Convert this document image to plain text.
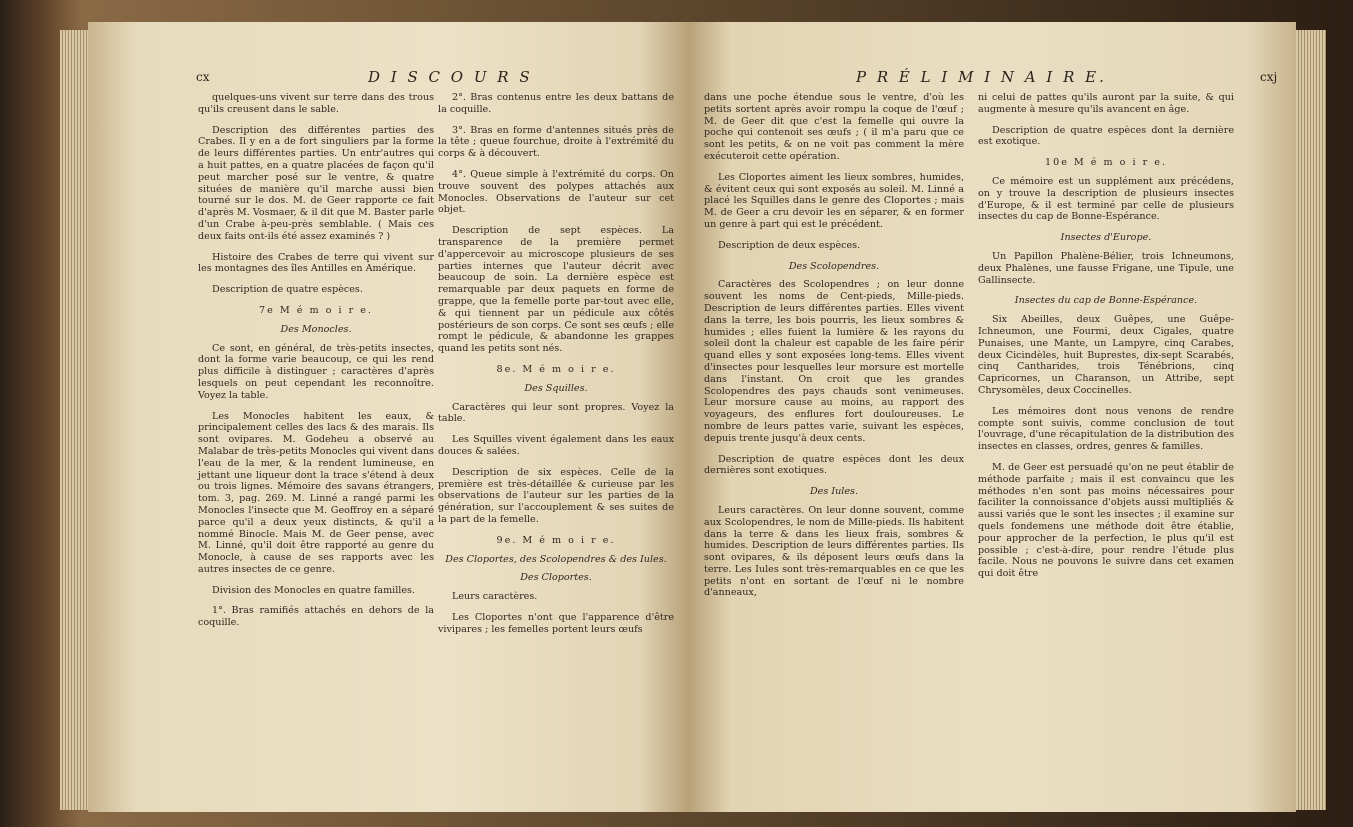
cx	D I S C O U R S

quelques-uns vivent sur terre dans des trous qu'ils creusent dans le sable.

Description des différentes parties des Crabes. Il y en a de fort singuliers par la forme de leurs différentes parties. Un entr'autres qui a huit pattes, en a quatre placées de façon qu'il peut marcher posé sur le ventre, & quatre situées de manière qu'il marche aussi bien tourné sur le dos. M. de Geer rapporte ce fait d'après M. Vosmaer, & il dit que M. Baster parle d'un Crabe à-peu-près semblable. ( Mais ces deux faits ont-ils été assez examinés ? )

Histoire des Crabes de terre qui vivent sur les montagnes des îles Antilles en Amérique.

Description de quatre espèces.

7e M é m o i r e.

Des Monocles.

Ce sont, en général, de très-petits insectes, dont la forme varie beaucoup, ce qui les rend plus difficile à distinguer ; caractères d'après lesquels on peut cependant les reconnoître. Voyez la table.

Les Monocles habitent les eaux, & principalement celles des lacs & des marais. Ils sont ovipares. M. Godeheu a observé au Malabar de très-petits Monocles qui vivent dans l'eau de la mer, & la rendent lumineuse, en jettant une liqueur dont la trace s'étend à deux ou trois lignes. Mémoire des savans étrangers, tom. 3, pag. 269. M. Linné a rangé parmi les Monocles l'insecte que M. Geoffroy en a séparé parce qu'il a deux yeux distincts, & qu'il a nommé Binocle. Mais M. de Geer pense, avec M. Linné, qu'il doit être rapporté au genre du Monocle, à cause de ses rapports avec les autres insectes de ce genre.

Division des Monocles en quatre familles.

1°. Bras ramifiés attachés en dehors de la coquille.

2°. Bras contenus entre les deux battans de la coquille.

3°. Bras en forme d'antennes situés près de la tête ; queue fourchue, droite à l'extrémité du corps & à découvert.

4°. Queue simple à l'extrémité du corps. On trouve souvent des polypes attachés aux Monocles. Observations de l'auteur sur cet objet.

Description de sept espèces. La transparence de la première permet d'appercevoir au microscope plusieurs de ses parties internes que l'auteur décrit avec beaucoup de soin. La dernière espèce est remarquable par deux paquets en forme de grappe, que la femelle porte par-tout avec elle, & qui tiennent par un pédicule aux côtés postérieurs de son corps. Ce sont ses œufs ; elle rompt le pédicule, & abandonne les grappes quand les petits sont nés.

8e. M é m o i r e.

Des Squilles.

Caractères qui leur sont propres. Voyez la table.

Les Squilles vivent également dans les eaux douces & salées.

Description de six espèces. Celle de la première est très-détaillée & curieuse par les observations de l'auteur sur les parties de la génération, sur l'accouplement & ses suites de la part de la femelle.

9e. M é m o i r e.

Des Cloportes, des Scolopendres & des Iules.

Des Cloportes.

Leurs caractères.

Les Cloportes n'ont que l'apparence d'être vivipares ; les femelles portent leurs œufs

P R É L I M I N A I R E.	cxj

dans une poche étendue sous le ventre, d'où les petits sortent après avoir rompu la coque de l'œuf ; M. de Geer dit que c'est la femelle qui ouvre la poche qui contenoit ses œufs ; ( il m'a paru que ce sont les petits, & on ne voit pas comment la mère exécuteroit cette opération.

Les Cloportes aiment les lieux sombres, humides, & évitent ceux qui sont exposés au soleil. M. Linné a placé les Squilles dans le genre des Cloportes ; mais M. de Geer a cru devoir les en séparer, & en former un genre à part qui est le précédent.

Description de deux espèces.

Des Scolopendres.

Caractères des Scolopendres ; on leur donne souvent les noms de Cent-pieds, Mille-pieds. Description de leurs différentes parties. Elles vivent dans la terre, les bois pourris, les lieux sombres & humides ; elles fuient la lumière & les rayons du soleil dont la chaleur est capable de les faire périr quand elles y sont exposées long-tems. Elles vivent d'insectes pour lesquelles leur morsure est mortelle dans l'instant. On croit que les grandes Scolopendres des pays chauds sont venimeuses. Leur morsure cause au moins, au rapport des voyageurs, des enflures fort douloureuses. Le nombre de leurs pattes varie, suivant les espèces, depuis trente jusqu'à deux cents.

Description de quatre espèces dont les deux dernières sont exotiques.

Des Iules.

Leurs caractères. On leur donne souvent, comme aux Scolopendres, le nom de Mille-pieds. Ils habitent dans la terre & dans les lieux frais, sombres & humides. Description de leurs différentes parties. Ils sont ovipares, & ils déposent leurs œufs dans la terre. Les Iules sont très-remarquables en ce que les petits n'ont en sortant de l'œuf ni le nombre d'anneaux,

ni celui de pattes qu'ils auront par la suite, & qui augmente à mesure qu'ils avancent en âge.

Description de quatre espèces dont la dernière est exotique.

10e M é m o i r e.

Ce mémoire est un supplément aux précédens, on y trouve la description de plusieurs insectes d'Europe, & il est terminé par celle de plusieurs insectes du cap de Bonne-Espérance.

Insectes d'Europe.

Un Papillon Phalène-Bélier, trois Ichneumons, deux Phalènes, une fausse Frigane, une Tipule, une Gallinsecte.

Insectes du cap de Bonne-Espérance.

Six Abeilles, deux Guêpes, une Guêpe-Ichneumon, une Fourmi, deux Cigales, quatre Punaises, une Mante, un Lampyre, cinq Carabes, deux Cicindèles, huit Buprestes, dix-sept Scarabés, cinq Cantharides, trois Ténébrions, cinq Capricornes, un Charanson, un Attribe, sept Chrysomèles, deux Coccinelles.

Les mémoires dont nous venons de rendre compte sont suivis, comme conclusion de tout l'ouvrage, d'une récapitulation de la distribution des insectes en classes, ordres, genres & familles.

M. de Geer est persuadé qu'on ne peut établir de méthode parfaite ; mais il est convaincu que les méthodes n'en sont pas moins nécessaires pour faciliter la connoissance d'objets aussi multipliés & aussi variés que le sont les insectes ; il examine sur quels fondemens une méthode doit être établie, pour approcher de la perfection, le plus qu'il est possible ; c'est-à-dire, pour rendre l'étude plus facile. Nous ne pouvons le suivre dans cet examen qui doit être
